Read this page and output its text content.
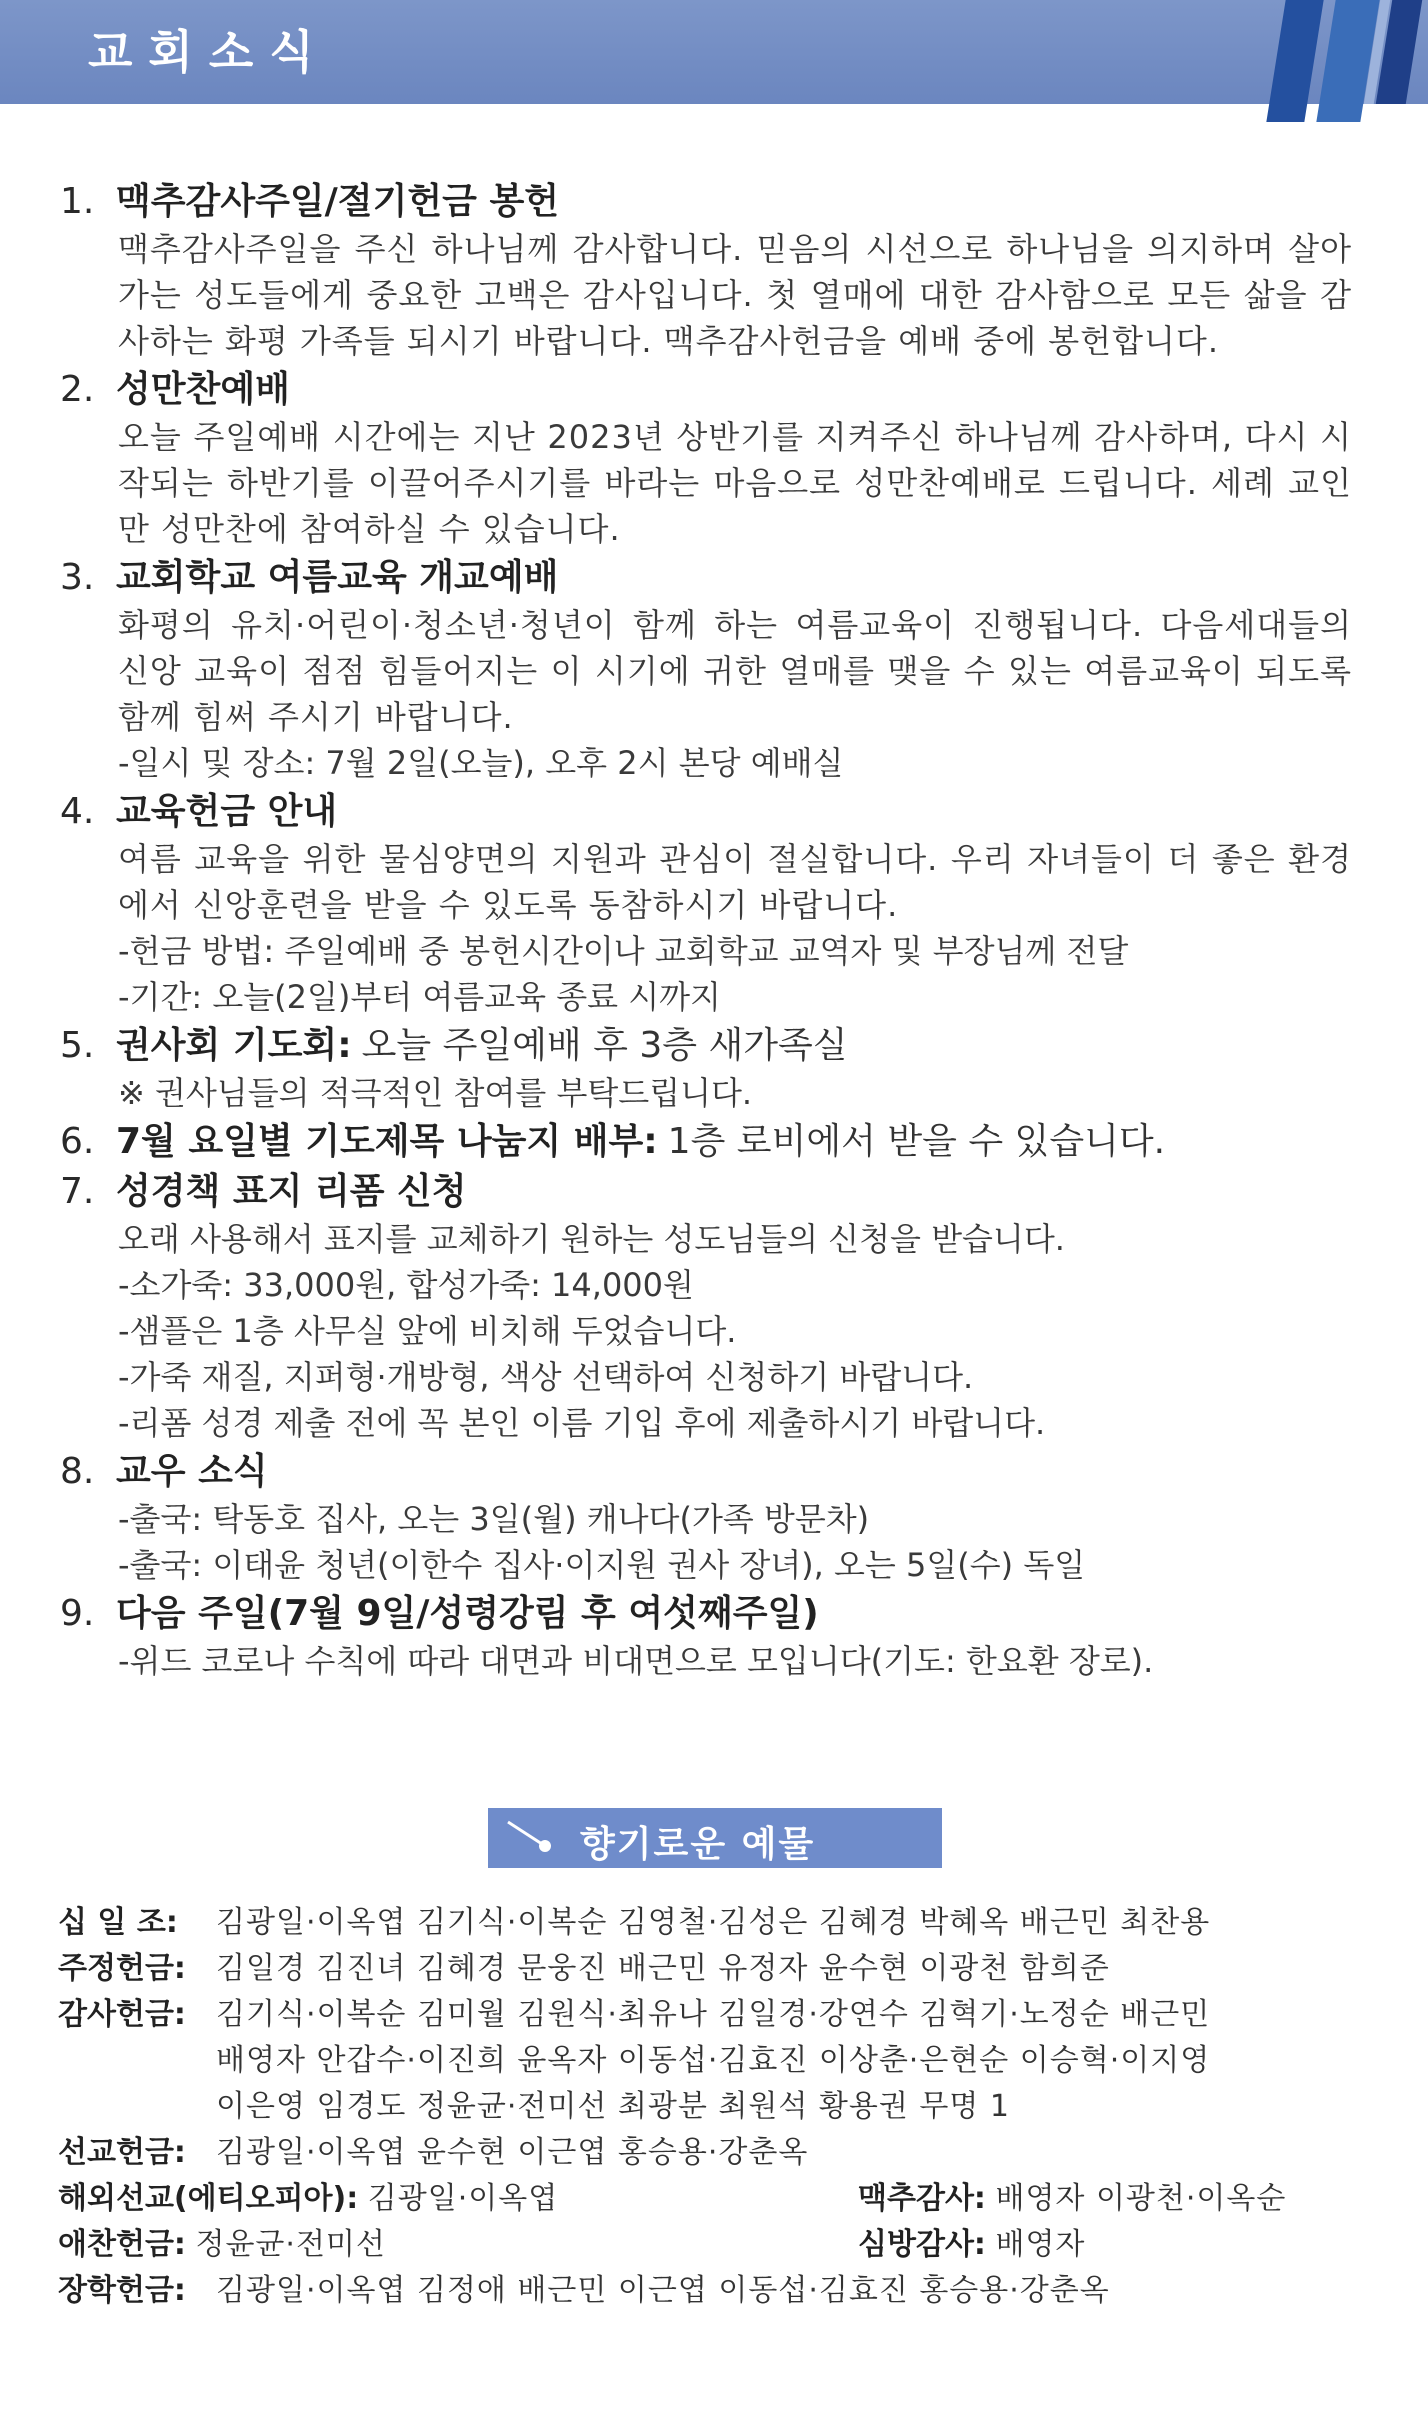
교회소식
1. 맥추감사주일/절기헌금 봉헌
맥추감사주일을 주신 하나님께 감사합니다. 믿음의 시선으로 하나님을 의지하며 살아가는 성도들에게 중요한 고백은 감사입니다. 첫 열매에 대한 감사함으로 모든 삶을 감사하는 화평 가족들 되시기 바랍니다. 맥추감사헌금을 예배 중에 봉헌합니다.
2. 성만찬예배
오늘 주일예배 시간에는 지난 2023년 상반기를 지켜주신 하나님께 감사하며, 다시 시작되는 하반기를 이끌어주시기를 바라는 마음으로 성만찬예배로 드립니다. 세례 교인만 성만찬에 참여하실 수 있습니다.
3. 교회학교 여름교육 개교예배
화평의 유치·어린이·청소년·청년이 함께 하는 여름교육이 진행됩니다. 다음세대들의 신앙 교육이 점점 힘들어지는 이 시기에 귀한 열매를 맺을 수 있는 여름교육이 되도록 함께 힘써 주시기 바랍니다.
-일시 및 장소: 7월 2일(오늘), 오후 2시 본당 예배실
4. 교육헌금 안내
여름 교육을 위한 물심양면의 지원과 관심이 절실합니다. 우리 자녀들이 더 좋은 환경에서 신앙훈련을 받을 수 있도록 동참하시기 바랍니다.
-헌금 방법: 주일예배 중 봉헌시간이나 교회학교 교역자 및 부장님께 전달
-기간: 오늘(2일)부터 여름교육 종료 시까지
5. 권사회 기도회: 오늘 주일예배 후 3층 새가족실
※ 권사님들의 적극적인 참여를 부탁드립니다.
6. 7월 요일별 기도제목 나눔지 배부: 1층 로비에서 받을 수 있습니다.
7. 성경책 표지 리폼 신청
오래 사용해서 표지를 교체하기 원하는 성도님들의 신청을 받습니다.
-소가죽: 33,000원, 합성가죽: 14,000원
-샘플은 1층 사무실 앞에 비치해 두었습니다.
-가죽 재질, 지퍼형·개방형, 색상 선택하여 신청하기 바랍니다.
-리폼 성경 제출 전에 꼭 본인 이름 기입 후에 제출하시기 바랍니다.
8. 교우 소식
-출국: 탁동호 집사, 오는 3일(월) 캐나다(가족 방문차)
-출국: 이태윤 청년(이한수 집사·이지원 권사 장녀), 오는 5일(수) 독일
9. 다음 주일(7월 9일/성령강림 후 여섯째주일)
-위드 코로나 수칙에 따라 대면과 비대면으로 모입니다(기도: 한요환 장로).
향기로운 예물
십 일 조:	김광일·이옥엽 김기식·이복순 김영철·김성은 김혜경 박혜옥 배근민 최찬용
주정헌금:	김일경 김진녀 김혜경 문웅진 배근민 유정자 윤수현 이광천 함희준
감사헌금:	김기식·이복순 김미월 김원식·최유나 김일경·강연수 김혁기·노정순 배근민
배영자 안갑수·이진희 윤옥자 이동섭·김효진 이상춘·은현순 이승혁·이지영
이은영 임경도 정윤균·전미선 최광분 최원석 황용권 무명 1
선교헌금:	김광일·이옥엽 윤수현 이근엽 홍승용·강춘옥
해외선교(에티오피아): 김광일·이옥엽	맥추감사: 배영자 이광천·이옥순
애찬헌금: 정윤균·전미선	심방감사: 배영자
장학헌금:	김광일·이옥엽 김정애 배근민 이근엽 이동섭·김효진 홍승용·강춘옥
